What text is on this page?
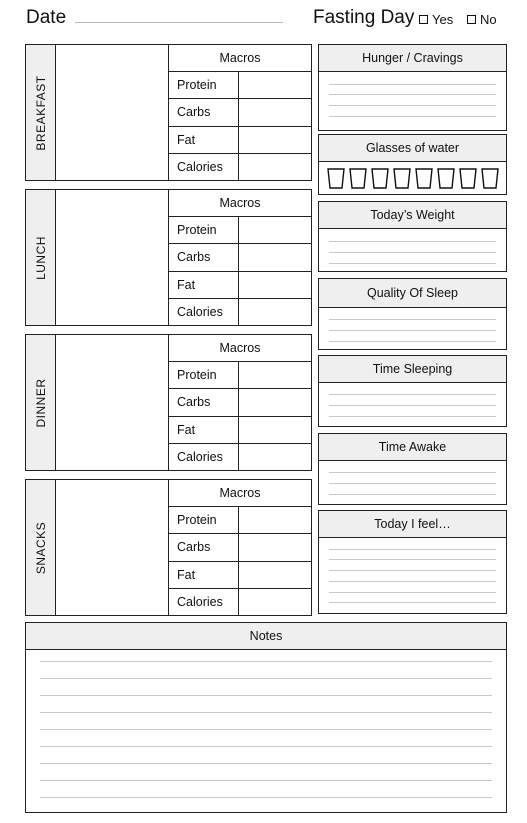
Date	Fasting Day Yes No
BREAKFAST
Macros
Protein
Carbs
Fat
Calories
LUNCH
Macros
Protein
Carbs
Fat
Calories
DINNER
Macros
Protein
Carbs
Fat
Calories
SNACKS
Macros
Protein
Carbs
Fat
Calories
Hunger / Cravings
Glasses of water
Today’s Weight
Quality Of Sleep
Time Sleeping
Time Awake
Today I feel…
Notes
